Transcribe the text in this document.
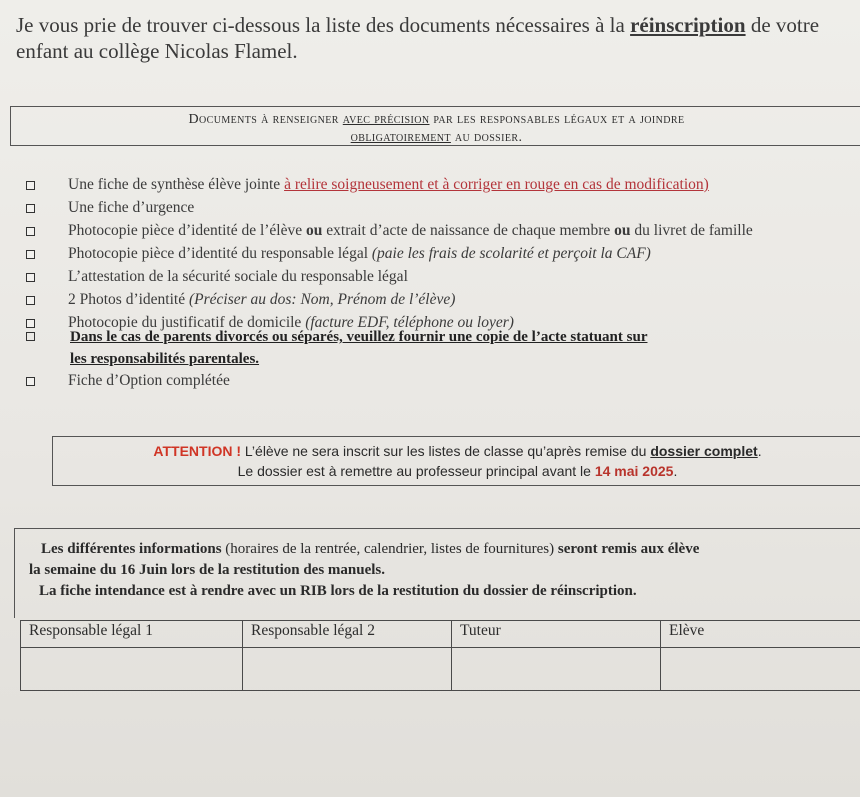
Je vous prie de trouver ci-dessous la liste des documents nécessaires à la réinscription de votre enfant au collège Nicolas Flamel.
Documents à renseigner avec précision par les responsables légaux et a joindre
obligatoirement au dossier.
Une fiche de synthèse élève jointe à relire soigneusement et à corriger en rouge en cas de modification)
Une fiche d’urgence
Photocopie pièce d’identité de l’élève ou extrait d’acte de naissance de chaque membre ou du livret de famille
Photocopie pièce d’identité du responsable légal (paie les frais de scolarité et perçoit la CAF)
L’attestation de la sécurité sociale du responsable légal
2 Photos d’identité (Préciser au dos: Nom, Prénom de l’élève)
Photocopie du justificatif de domicile (facture EDF, téléphone ou loyer)
Dans le cas de parents divorcés ou séparés, veuillez fournir une copie de l’acte statuant sur
les responsabilités parentales.
Fiche d’Option complétée
ATTENTION ! L’élève ne sera inscrit sur les listes de classe qu’après remise du dossier complet.
Le dossier est à remettre au professeur principal avant le 14 mai 2025.

Les différentes informations (horaires de la rentrée, calendrier, listes de fournitures) seront remis aux élève

la semaine du 16 Juin lors de la restitution des manuels.

La fiche intendance est à rendre avec un RIB lors de la restitution du dossier de réinscription.

Responsable légal 1	Responsable légal 2	Tuteur	Elève
